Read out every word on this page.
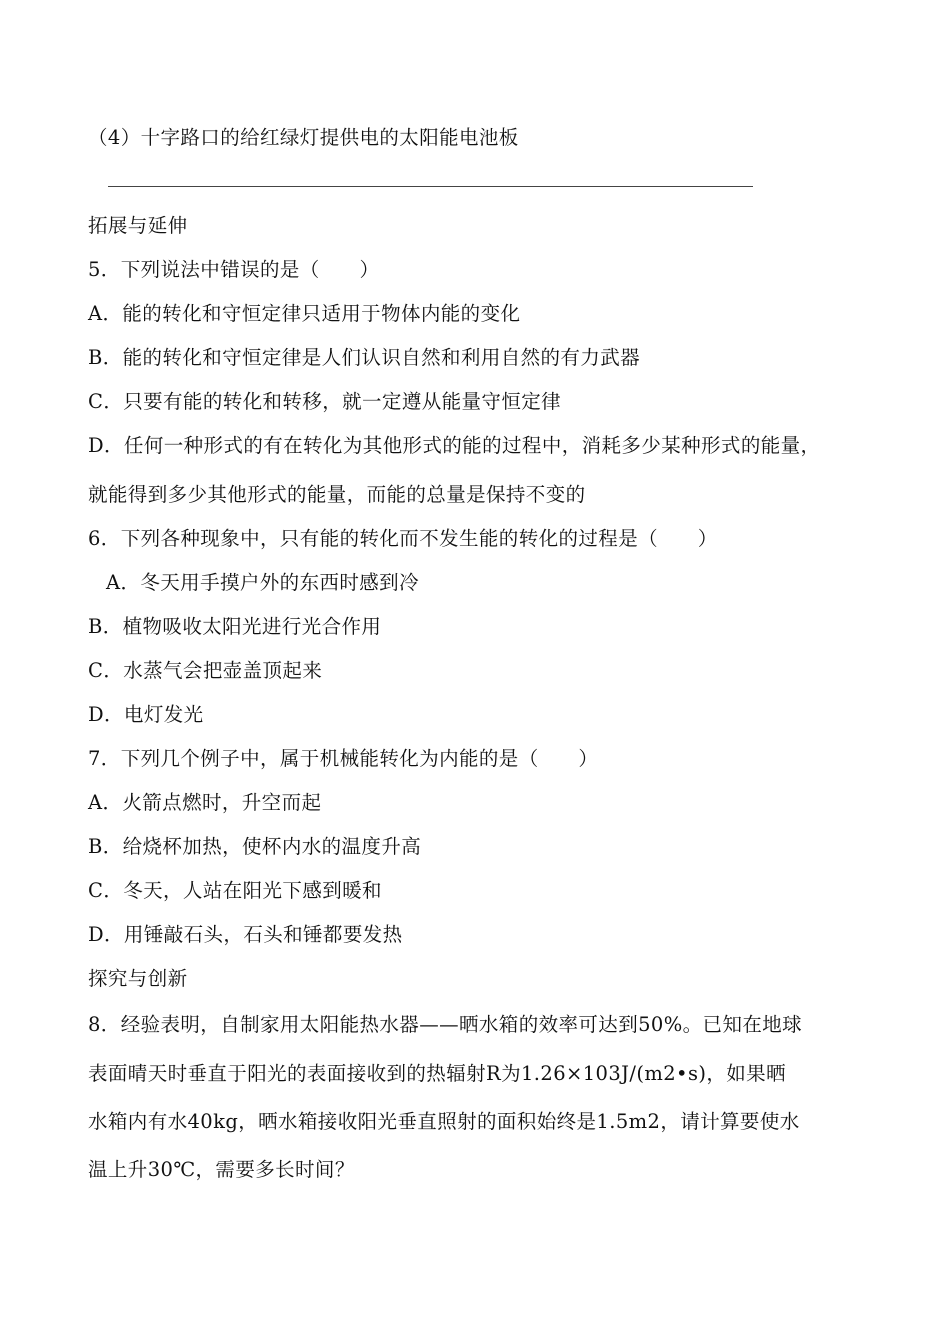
（4）十字路口的给红绿灯提供电的太阳能电池板
拓展与延伸
5．下列说法中错误的是（　　）
A．能的转化和守恒定律只适用于物体内能的变化
B．能的转化和守恒定律是人们认识自然和利用自然的有力武器
C．只要有能的转化和转移，就一定遵从能量守恒定律
D．任何一种形式的有在转化为其他形式的能的过程中，消耗多少某种形式的能量，
就能得到多少其他形式的能量，而能的总量是保持不变的
6．下列各种现象中，只有能的转化而不发生能的转化的过程是（　　）
A．冬天用手摸户外的东西时感到冷
B．植物吸收太阳光进行光合作用
C．水蒸气会把壶盖顶起来
D．电灯发光
7．下列几个例子中，属于机械能转化为内能的是（　　）
A．火箭点燃时，升空而起
B．给烧杯加热，使杯内水的温度升高
C．冬天，人站在阳光下感到暖和
D．用锤敲石头，石头和锤都要发热
探究与创新
8．经验表明，自制家用太阳能热水器——晒水箱的效率可达到50%。已知在地球
表面晴天时垂直于阳光的表面接收到的热辐射R为1.26×103J/(m2•s)，如果晒
水箱内有水40kg，晒水箱接收阳光垂直照射的面积始终是1.5m2，请计算要使水
温上升30℃，需要多长时间？
